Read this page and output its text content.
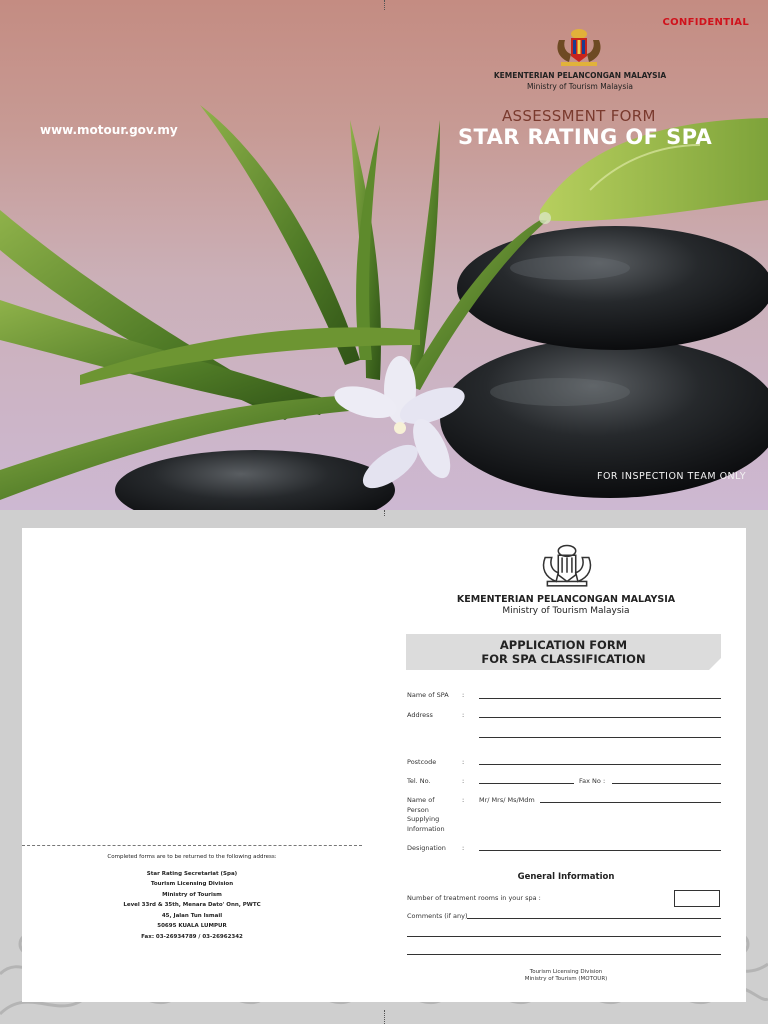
CONFIDENTIAL
KEMENTERIAN PELANCONGAN MALAYSIA
Ministry of Tourism Malaysia
ASSESSMENT FORM
STAR RATING OF SPA
www.motour.gov.my
FOR INSPECTION TEAM ONLY
Completed forms are to be returned to the following address:
Star Rating Secretariat (Spa)
Tourism Licensing Division
Ministry of Tourism
Level 33rd & 35th, Menara Dato' Onn, PWTC
45, Jalan Tun Ismail
50695 KUALA LUMPUR
Fax: 03-26934789 / 03-26962342
KEMENTERIAN PELANCONGAN MALAYSIA
Ministry of Tourism Malaysia
APPLICATION FORM
FOR SPA CLASSIFICATION
Name of SPA :
Address	:
Postcode	:
Tel. No.	:	Fax No :
Name of
Person
Supplying
Information
: Mr/ Mrs/ Ms/Mdm
Designation :
General Information
Number of treatment rooms in your spa :
Comments (if any)
Tourism Licensing Division
Ministry of Tourism (MOTOUR)
